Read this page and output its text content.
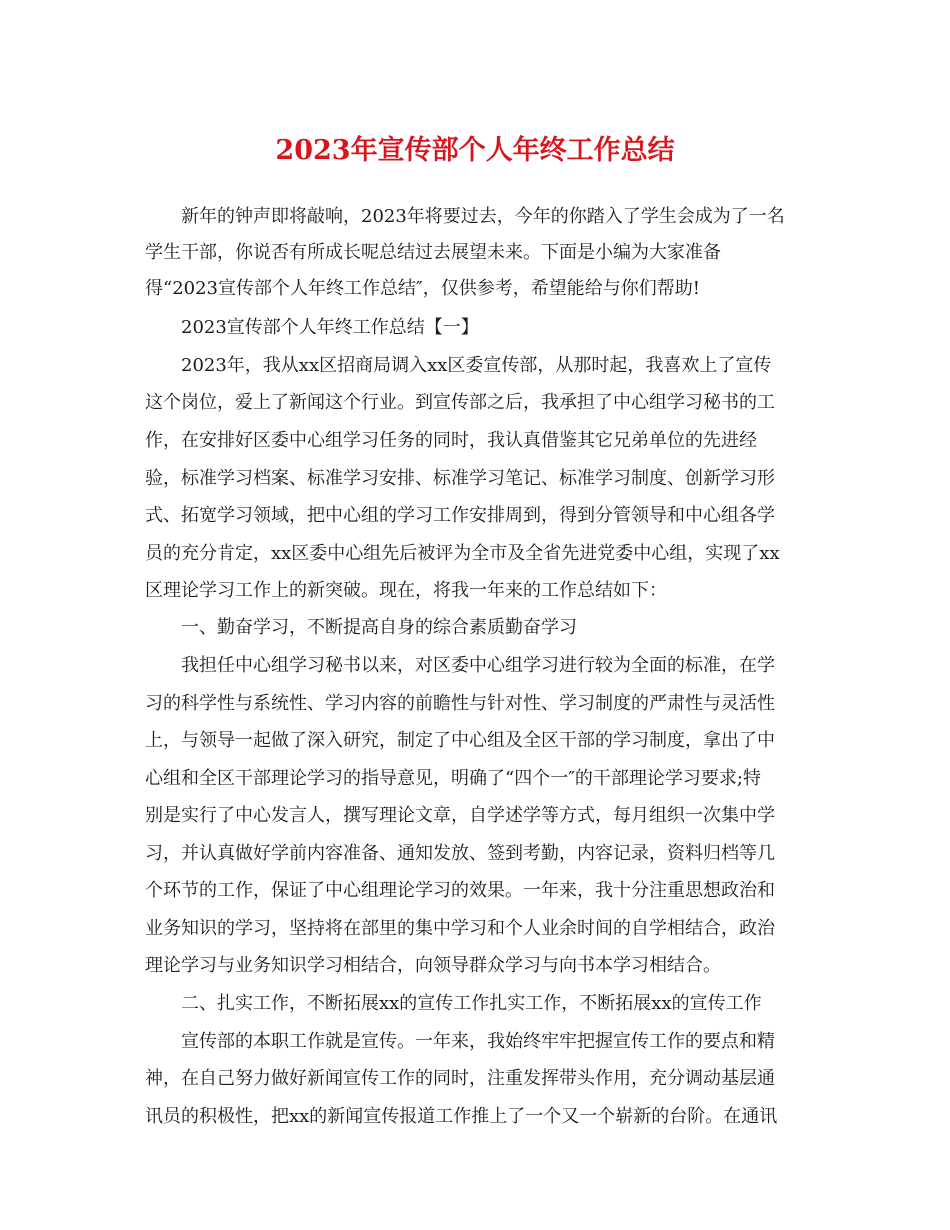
2023年宣传部个人年终工作总结
新年的钟声即将敲响，2023年将要过去，今年的你踏入了学生会成为了一名
学生干部，你说否有所成长呢总结过去展望未来。下面是小编为大家准备
得“2023宣传部个人年终工作总结″，仅供参考，希望能给与你们帮助!
2023宣传部个人年终工作总结【一】
2023年，我从xx区招商局调入xx区委宣传部，从那时起，我喜欢上了宣传
这个岗位，爱上了新闻这个行业。到宣传部之后，我承担了中心组学习秘书的工
作，在安排好区委中心组学习任务的同时，我认真借鉴其它兄弟单位的先进经
验，标准学习档案、标准学习安排、标准学习笔记、标准学习制度、创新学习形
式、拓宽学习领域，把中心组的学习工作安排周到，得到分管领导和中心组各学
员的充分肯定，xx区委中心组先后被评为全市及全省先进党委中心组，实现了xx
区理论学习工作上的新突破。现在，将我一年来的工作总结如下：
一、勤奋学习，不断提高自身的综合素质勤奋学习
我担任中心组学习秘书以来，对区委中心组学习进行较为全面的标准，在学
习的科学性与系统性、学习内容的前瞻性与针对性、学习制度的严肃性与灵活性
上，与领导一起做了深入研究，制定了中心组及全区干部的学习制度，拿出了中
心组和全区干部理论学习的指导意见，明确了“四个一″的干部理论学习要求;特
别是实行了中心发言人，撰写理论文章，自学述学等方式，每月组织一次集中学
习，并认真做好学前内容准备、通知发放、签到考勤，内容记录，资料归档等几
个环节的工作，保证了中心组理论学习的效果。一年来，我十分注重思想政治和
业务知识的学习，坚持将在部里的集中学习和个人业余时间的自学相结合，政治
理论学习与业务知识学习相结合，向领导群众学习与向书本学习相结合。
二、扎实工作，不断拓展xx的宣传工作扎实工作，不断拓展xx的宣传工作
宣传部的本职工作就是宣传。一年来，我始终牢牢把握宣传工作的要点和精
神，在自己努力做好新闻宣传工作的同时，注重发挥带头作用，充分调动基层通
讯员的积极性，把xx的新闻宣传报道工作推上了一个又一个崭新的台阶。在通讯
